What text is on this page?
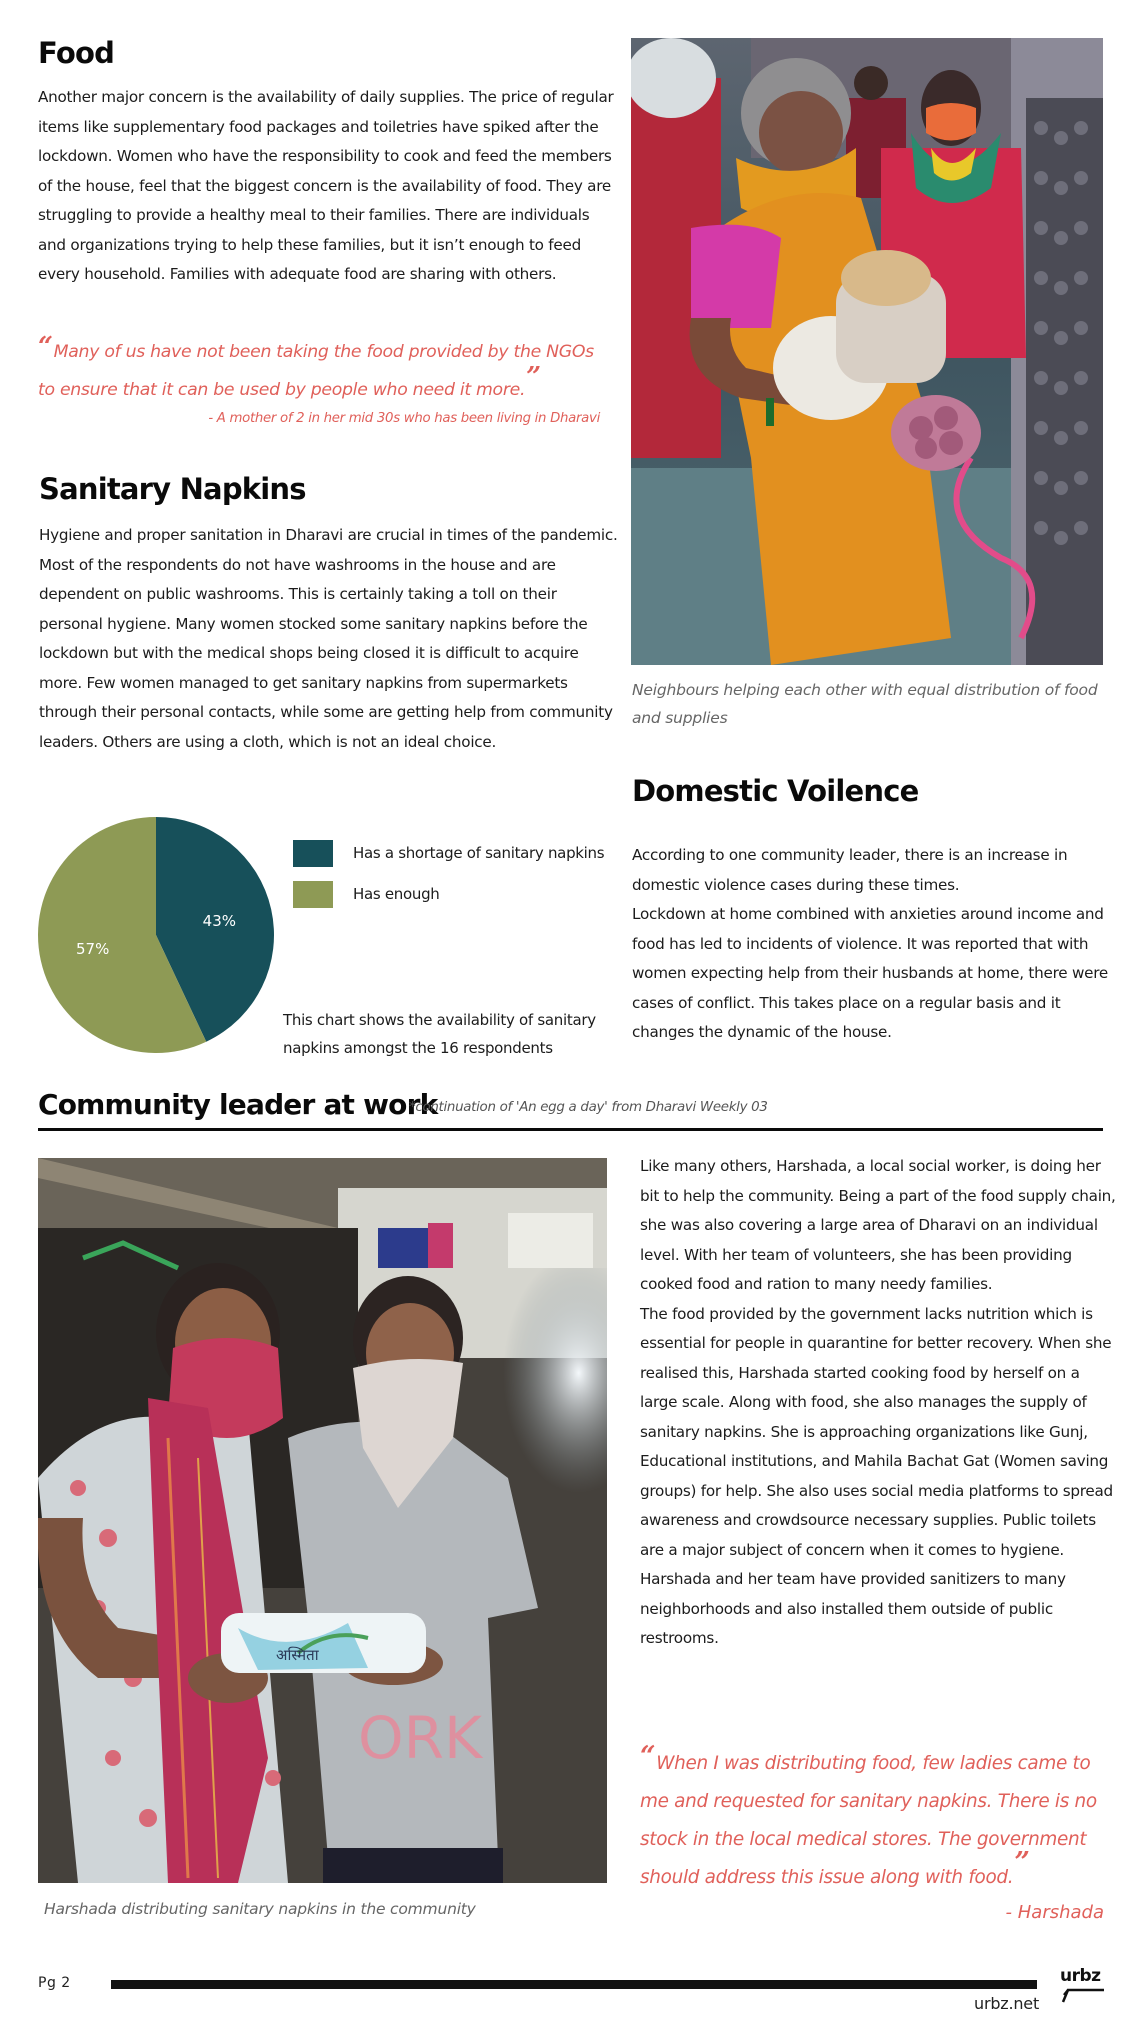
Food

Another major concern is the availability of daily supplies. The price of regular items like supplementary food packages and toiletries have spiked after the lockdown. Women who have the responsibility to cook and feed the members of the house, feel that the biggest concern is the availability of food. They are struggling to provide a healthy meal to their families. There are individuals and organizations trying to help these families, but it isn’t enough to feed every household. Families with adequate food are sharing with others.

“Many of us have not been taking the food provided by the NGOs to ensure that it can be used by people who need it more.”
- A mother of 2 in her mid 30s who has been living in Dharavi
Sanitary Napkins

Hygiene and proper sanitation in Dharavi are crucial in times of the pandemic. Most of the respondents do not have washrooms in the house and are dependent on public washrooms. This is certainly taking a toll on their personal hygiene. Many women stocked some sanitary napkins before the lockdown but with the medical shops being closed it is difficult to acquire more. Few women managed to get sanitary napkins from supermarkets through their personal contacts, while some are getting help from community leaders. Others are using a cloth, which is not an ideal choice.

43%
57%
Has a shortage of sanitary napkins
Has enough
This chart shows the availability of sanitary napkins amongst the 16 respondents
Neighbours helping each other with equal distribution of food and supplies
Domestic Voilence

According to one community leader, there is an increase in domestic violence cases during these times.

Lockdown at home combined with anxieties around income and food has led to incidents of violence. It was reported that with women expecting help from their husbands at home, there were cases of conflict. This takes place on a regular basis and it changes the dynamic of the house.

Community leader at work
*continuation of 'An egg a day' from Dharavi Weekly 03
ORK
अस्मिता
Harshada distributing sanitary napkins in the community

Like many others, Harshada, a local social worker, is doing her bit to help the community. Being a part of the food supply chain, she was also covering a large area of Dharavi on an individual level. With her team of volunteers, she has been providing cooked food and ration to many needy families.

The food provided by the government lacks nutrition which is essential for people in quarantine for better recovery. When she realised this, Harshada started cooking food by herself on a large scale. Along with food, she also manages the supply of sanitary napkins. She is approaching organizations like Gunj, Educational institutions, and Mahila Bachat Gat (Women saving groups) for help. She also uses social media platforms to spread awareness and crowdsource necessary supplies. Public toilets are a major subject of concern when it comes to hygiene. Harshada and her team have provided sanitizers to many neighborhoods and also installed them outside of public restrooms.

“When I was distributing food, few ladies came to me and requested for sanitary napkins. There is no stock in the local medical stores. The government should address this issue along with food.”
- Harshada
Pg 2
urbz.net
urbz
